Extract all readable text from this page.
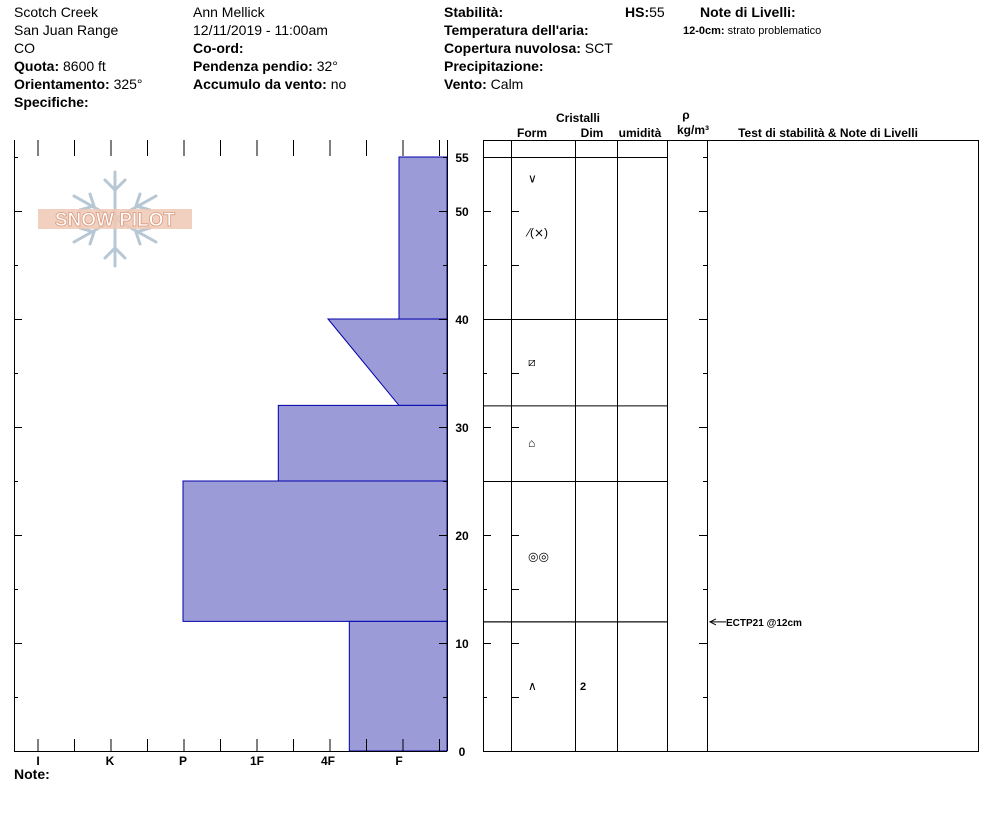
Scotch Creek
San Juan Range
CO
Quota: 8600 ft
Orientamento: 325°
Specifiche:
Ann Mellick
12/11/2019 - 11:00am
Co-ord:
Pendenza pendio: 32°
Accumulo da vento: no
Stabilità:
Temperatura dell'aria:
Copertura nuvolosa: SCT
Precipitazione:
Vento: Calm
HS:55	Note di Livelli:
12-0cm: strato problematico
Note:
SNOW PILOT
0
10
20
30
40
50
55
I	K	P	1F	4F	F
∨
⁄(⨯)
⧄
⌂
◎◎
∧	2
ECTP21 @12cm
Cristalli
Form	Dim umidità
ρ
kg/m³ Test di stabilità & Note di Livelli
